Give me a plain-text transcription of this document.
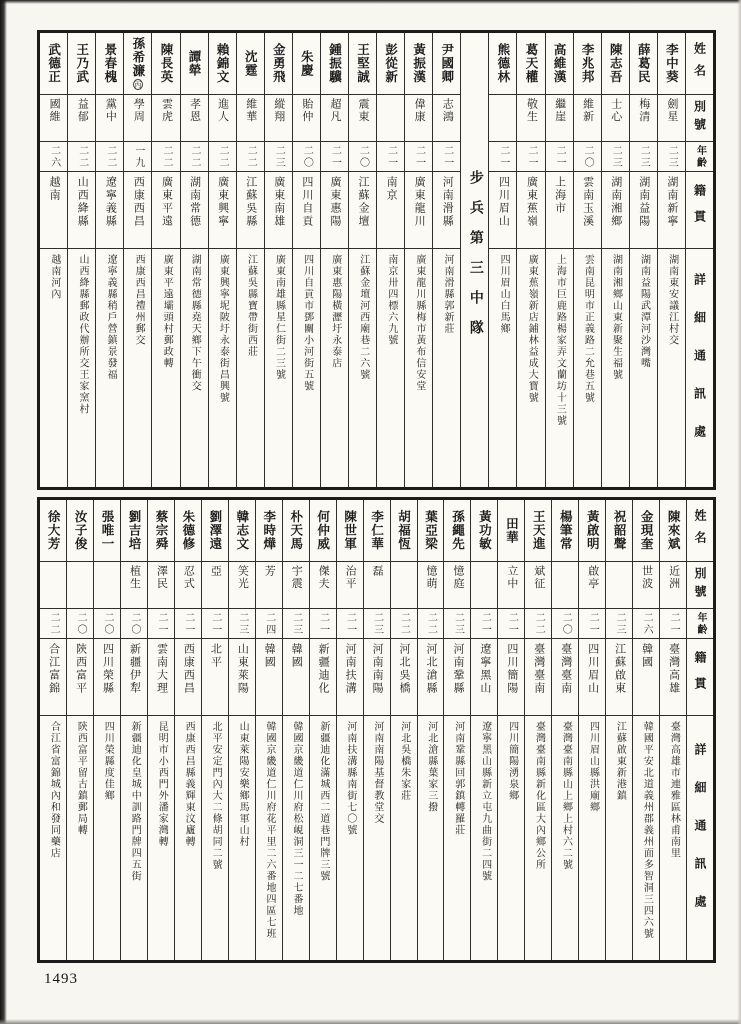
姓名
別號
年齡
籍貫
詳細通訊處
李中葵
劍星
二三
湖南新寧
湖南東安議江村交
薛葛民
梅清
二三
湖南益陽
湖南益陽武潭河沙灣嘴
陳志吾
士心
二三
湖南湘鄉
湖南湘鄉山東新聚生福號
李兆邦
維新
二〇
雲南玉溪
雲南昆明市正義路二允巷五號
高維漢
繼崖
二一
上海市
上海市巨鹿路楊家弄文蘭坊十三號
葛天權
敬生
二一
廣東蕉嶺
廣東蕉嶺新店鋪林益成大寶號
熊德林
二一
四川眉山
四川眉山白馬鄉
步兵第三中隊
尹國卿
志鴻
二一
河南滑縣
河南滑縣郭新莊
黃振漢
偉康
二一
廣東龍川
廣東龍川縣梅市黃布信安堂
彭從新
二一
南京
南京卅四標六九號
王堅誠
震東
二〇
江蘇金壇
江蘇金壇河西廟巷二六號
鍾振驥
超凡
二一
廣東惠陽
廣東惠陽橫瀝圩永泰店
朱慶
貽仲
二〇
四川自貢
四川自貢市鄧關小河街五號
金勇飛
縱翔
二三
廣東南雄
廣東南雄縣星仁街二三號
沈霆
維華
二二
江蘇吳縣
江蘇吳縣寶帶街西莊
賴錦文
進人
二二
廣東興寧
廣東興寧坭陂圩永泰街昌興號
譚犖
孝恩
二二
湖南常德
湖南常德縣堯天鄉下午衝交
陳長英
雲虎
二二
廣東平遠
廣東平遠壩頭村郵政轉
孫希濂丙
學周
一九
西康西昌
西康西昌禮州郵交
景春槐
黨中
二二
遼寧義縣
遼寧義縣稍戶營鎮景發福
王乃武
益郁
二二
山西絳縣
山西絳縣郵政代辦所交王家窯村
武德正
國維
二六
越南
越南河內
姓名
別號
年齡
籍貫
詳細通訊處
陳來斌
近洲
二一
臺灣高雄
臺灣高雄市連雅區林甫南里
金現奎
世波
二六
韓國
韓國平安北道義州郡義州面多智洞三四六號
祝韶聲
二三
江蘇啟東
江蘇啟東新港鎮
黃啟明
啟亭
二一
四川眉山
四川眉山縣洪廟鄉
楊筆常
二〇
臺灣臺南
臺灣臺南縣山上鄉上村六二號
王天進
斌征
二二
臺灣臺南
臺灣臺南縣新化區大內鄉公所
田華
立中
二一
四川簡陽
四川簡陽湧泉鄉
黃功敏
二一
遼寧黑山
遼寧黑山縣新立屯九曲街二四號
孫繩先
憶庭
二三
河南鞏縣
河南鞏縣回郭鎮轉羅莊
葉亞梁
憶萌
二二
河北滄縣
河北滄縣葉家三撥
胡福恆
二二
河北吳橋
河北吳橋朱家莊
李仁華
磊
二三
河南南陽
河南南陽基督教堂交
陳世軍
治平
二一
河南扶溝
河南扶溝縣南街七〇號
何仲威
傑夫
二一
新疆迪化
新疆迪化滿城西二道巷門牌三號
朴天馬
宇震
二三
韓國
韓國京畿道仁川府松峴洞三一二七番地
李時燁
芳
二四
韓國
韓國京畿道仁川府花平里二六番地四區七班
韓志文
笑光
二三
山東萊陽
山東萊陽安樂鄉馬軍山村
劉澤遠
亞
二一
北平
北平安定門內大二條胡同二號
朱德修
忍式
二一
西康西昌
西康西昌縣義輝東汶廬轉
蔡宗舜
澤民
二一
雲南大理
昆明市小西門外潘家灣轉
劉吉培
植生
二〇
新疆伊犁
新疆迪化皇城中訓路門牌四五街
張唯一
二〇
四川榮縣
四川榮縣度佳鄉
汝子俊
二〇
陝西富平
陝西富平留古鎮郵局轉
徐大芳
二二
合江富錦
合江省富錦城內和發同藥店
1493
